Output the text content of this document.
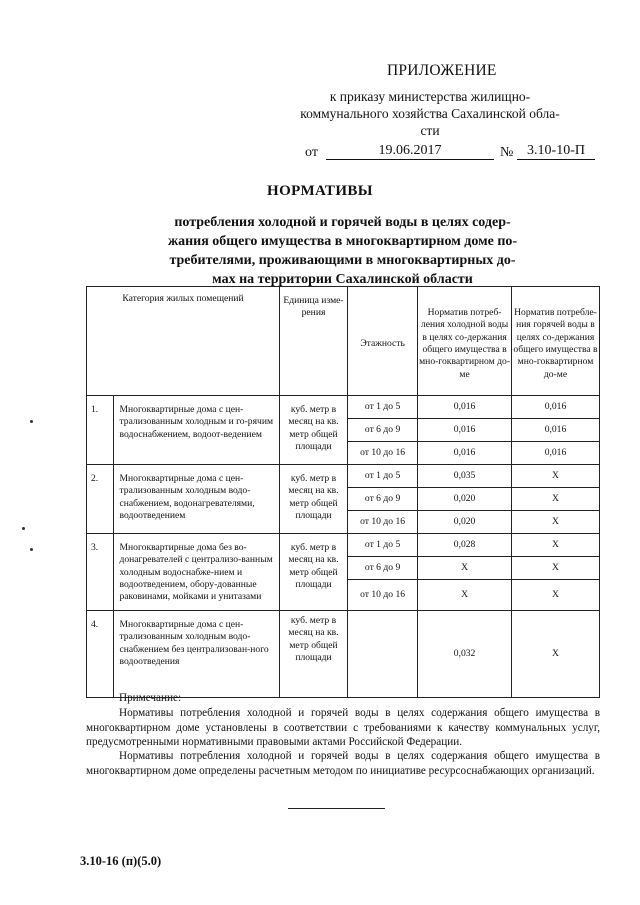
ПРИЛОЖЕНИЕ
к приказу министерства жилищно-
коммунального хозяйства Сахалинской обла-
сти
от	19.06.2017	№ 3.10-10-П
НОРМАТИВЫ
потребления холодной и горячей воды в целях содер-
жания общего имущества в многоквартирном доме по-
требителями, проживающими в многоквартирных до-
мах на территории Сахалинской области
Категория жилых помещений		Единица изме-рения	Этажность	Норматив потреб-ления холодной воды в целях со-держания общего имущества в мно-гоквартирном до-ме	Норматив потребле-ния горячей воды в целях со-держания общего имущества в мно-гоквартирном до-ме
1.	Многоквартирные дома с цен-трализованным холодным и го-рячим водоснабжением, водоот-ведением	куб. метр в месяц на кв. метр общей площади	от 1 до 5	0,016	0,016
			от 6 до 9	0,016	0,016
			от 10 до 16	0,016	0,016
2.	Многоквартирные дома с цен-трализованным холодным водо-снабжением, водонагревателями, водоотведением	куб. метр в месяц на кв. метр общей площади	от 1 до 5	0,035	X
			от 6 до 9	0,020	X
			от 10 до 16	0,020	X
3.	Многоквартирные дома без во-донагревателей с централизо-ванным холодным водоснабже-нием и водоотведением, обору-дованные раковинами, мойками и унитазами	куб. метр в месяц на кв. метр общей площади	от 1 до 5	0,028	X
			от 6 до 9	X	X
			от 10 до 16	X	X
4.	Многоквартирные дома с цен-трализованным холодным водо-снабжением без централизован-ного водоотведения	куб. метр в месяц на кв. метр общей площади		0,032	X
Примечание:
Нормативы потребления холодной и горячей воды в целях содержания общего имущества в многоквартирном доме установлены в соответствии с требованиями к качеству коммунальных услуг, предусмотренными нормативными правовыми актами Российской Федерации.
Нормативы потребления холодной и горячей воды в целях содержания общего имущества в многоквартирном доме определены расчетным методом по инициативе ресурсоснабжающих организаций.
3.10-16 (п)(5.0)
